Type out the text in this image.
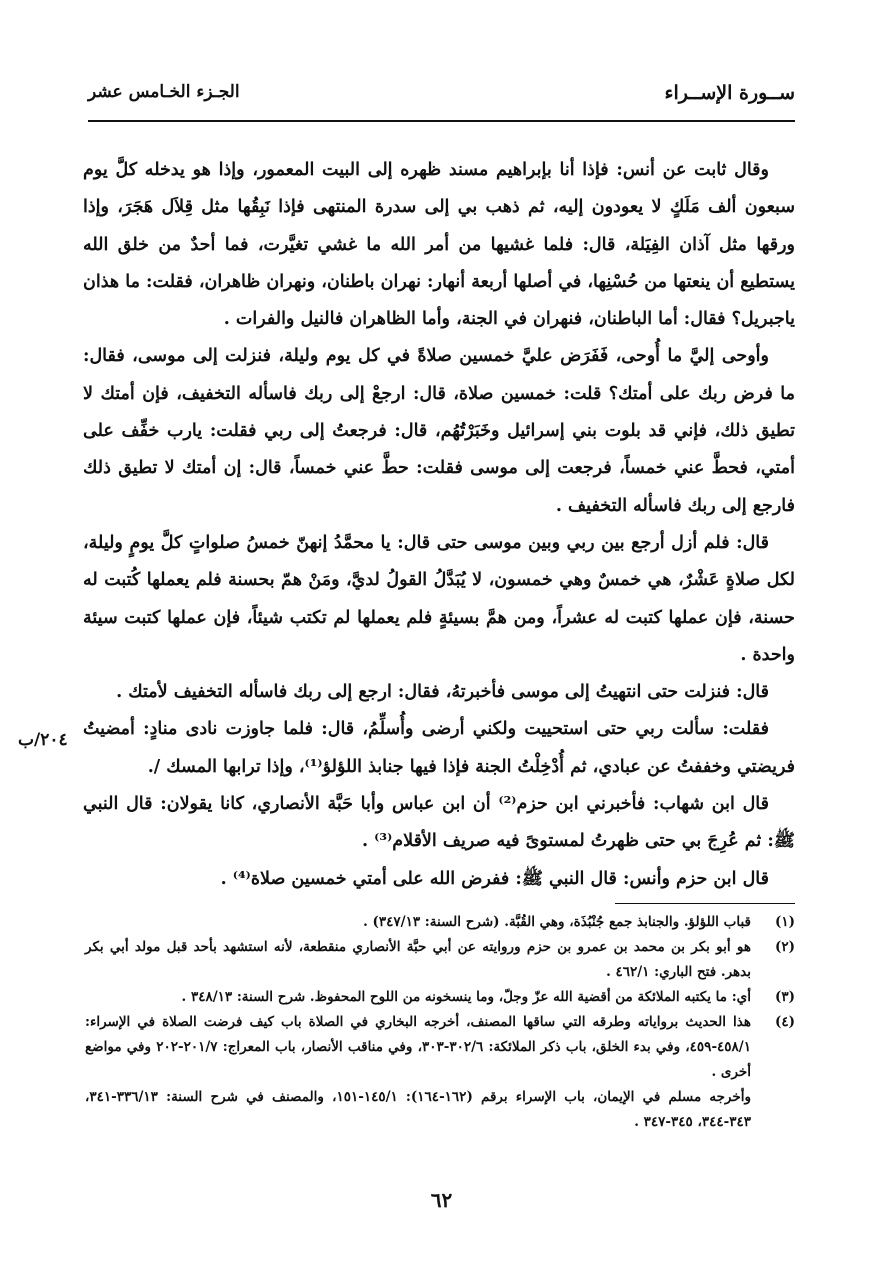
ســورة الإســراء
الجـزء الخـامس عشر

وقال ثابت عن أنس: فإذا أنا بإبراهيم مسند ظهره إلى البيت المعمور، وإذا هو يدخله كلَّ يوم سبعون ألف مَلَكٍ لا يعودون إليه، ثم ذهب بي إلى سدرة المنتهى فإذا نَبِقُها مثل قِلاَل هَجَرَ، وإذا ورقها مثل آذان الفِيَلة، قال: فلما غشيها من أمر الله ما غشي تغيَّرت، فما أحدٌ من خلق الله يستطيع أن ينعتها من حُسْنِها، في أصلها أربعة أنهار: نهران باطنان، ونهران ظاهران، فقلت: ما هذان ياجبريل؟ فقال: أما الباطنان، فنهران في الجنة، وأما الظاهران فالنيل والفرات .

وأوحى إليَّ ما أُوحى، فَفَرَض عليَّ خمسين صلاةً في كل يوم وليلة، فنزلت إلى موسى، فقال: ما فرض ربك على أمتك؟ قلت: خمسين صلاة، قال: ارجعْ إلى ربك فاسأله التخفيف، فإن أمتك لا تطيق ذلك، فإني قد بلوت بني إسرائيل وخَبَرْتُهُم، قال: فرجعتُ إلى ربي فقلت: يارب خفِّف على أمتي، فحطَّ عني خمساً، فرجعت إلى موسى فقلت: حطَّ عني خمساً، قال: إن أمتك لا تطيق ذلك فارجع إلى ربك فاسأله التخفيف .

قال: فلم أزل أرجع بين ربي وبين موسى حتى قال: يا محمَّدُ إنهنّ خمسُ صلواتٍ كلَّ يومٍ وليلة، لكل صلاةٍ عَشْرٌ، هي خمسٌ وهي خمسون، لا يُبَدَّلُ القولُ لديَّ، ومَنْ همّ بحسنة فلم يعملها كُتبت له حسنة، فإن عملها كتبت له عشراً، ومن همَّ بسيئةٍ فلم يعملها لم تكتب شيئاً، فإن عملها كتبت سيئة واحدة .

قال: فنزلت حتى انتهيتُ إلى موسى فأخبرتهُ، فقال: ارجع إلى ربك فاسأله التخفيف لأمتك .

فقلت: سألت ربي حتى استحييت ولكني أرضى وأُسلِّمُ، قال: فلما جاوزت نادى منادٍ: أمضيتُ فريضتي وخففتُ عن عبادي، ثم أُدْخِلْتُ الجنة فإذا فيها جنابذ اللؤلؤ⁽¹⁾، وإذا ترابها المسك /.

قال ابن شهاب: فأخبرني ابن حزم⁽²⁾ أن ابن عباس وأبا حَبَّة الأنصاري، كانا يقولان: قال النبي ﷺ: ثم عُرِجَ بي حتى ظهرتُ لمستوىً فيه صريف الأقلام⁽³⁾ .

قال ابن حزم وأنس: قال النبي ﷺ: ففرض الله على أمتي خمسين صلاة⁽⁴⁾ .

٢٠٤/ب
(١)
قباب اللؤلؤ. والجنابذ جمع جُنْبُذَة، وهي القُبَّة. (شرح السنة: ٣٤٧/١٣) .
(٢)
هو أبو بكر بن محمد بن عمرو بن حزم وروايته عن أبي حبَّة الأنصاري منقطعة، لأنه استشهد بأحد قبل مولد أبي بكر بدهر. فتح الباري: ٤٦٢/١ .
(٣)
أي: ما يكتبه الملائكة من أقضية الله عزّ وجلّ، وما ينسخونه من اللوح المحفوظ. شرح السنة: ٣٤٨/١٣ .
(٤)
هذا الحديث برواياته وطرقه التي ساقها المصنف، أخرجه البخاري في الصلاة باب كيف فرضت الصلاة في الإسراء: ٤٥٨/١-٤٥٩، وفي بدء الخلق، باب ذكر الملائكة: ٣٠٢/٦-٣٠٣، وفي مناقب الأنصار، باب المعراج: ٢٠١/٧-٢٠٢ وفي مواضع أخرى .
وأخرجه مسلم في الإيمان، باب الإسراء برقم (١٦٢-١٦٤): ١٤٥/١-١٥١، والمصنف في شرح السنة: ٣٣٦/١٣-٣٤١، ٣٤٣-٣٤٤، ٣٤٥-٣٤٧ .
٦٢
